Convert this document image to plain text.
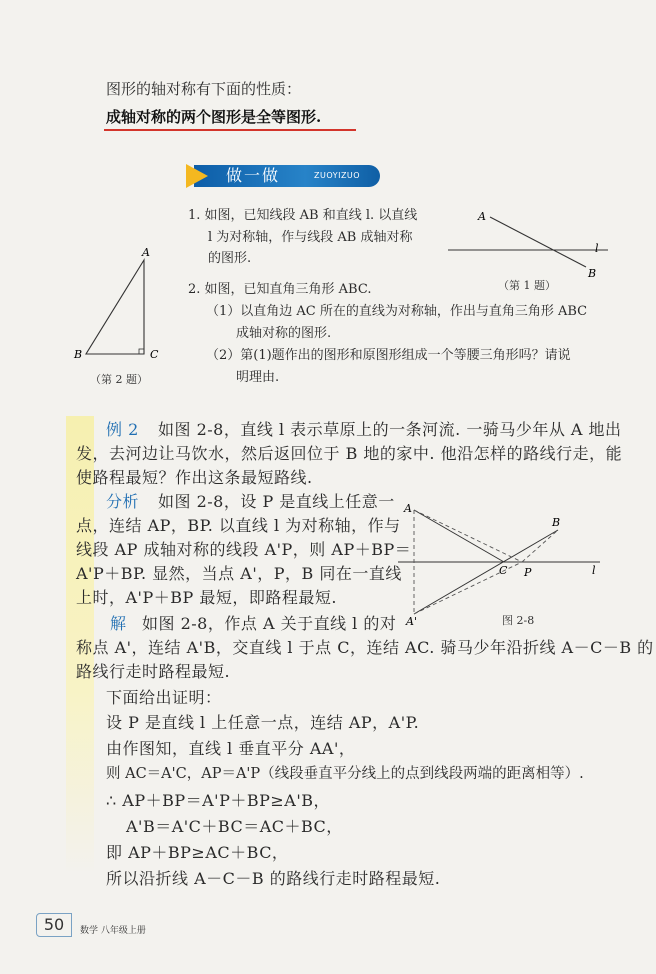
图形的轴对称有下面的性质：
成轴对称的两个图形是全等图形.
做一做	ZUOYIZUO
1. 如图，已知线段 AB 和直线 l. 以直线
l 为对称轴，作与线段 AB 成轴对称
的图形.
A
B
l
（第 1 题）
A
B	C
（第 2 题）
2. 如图，已知直角三角形 ABC.
（1）以直角边 AC 所在的直线为对称轴，作出与直角三角形 ABC
成轴对称的图形.
（2）第(1)题作出的图形和原图形组成一个等腰三角形吗？请说
明理由.
例 2 如图 2-8，直线 l 表示草原上的一条河流. 一骑马少年从 A 地出
发，去河边让马饮水，然后返回位于 B 地的家中. 他沿怎样的路线行走，能
使路程最短？作出这条最短路线.
分析 如图 2-8，设 P 是直线上任意一
点，连结 AP，BP. 以直线 l 为对称轴，作与
线段 AP 成轴对称的线段 A'P，则 AP＋BP＝
A'P＋BP. 显然，当点 A'，P，B 同在一直线
上时，A'P＋BP 最短，即路程最短.
A
B
C P	l
A'	图 2-8
解 如图 2-8，作点 A 关于直线 l 的对
称点 A'，连结 A'B，交直线 l 于点 C，连结 AC. 骑马少年沿折线 A－C－B 的
路线行走时路程最短.
下面给出证明：
设 P 是直线 l 上任意一点，连结 AP，A'P.
由作图知，直线 l 垂直平分 AA'，
则 AC＝A'C，AP＝A'P（线段垂直平分线上的点到线段两端的距离相等）.
∴ AP＋BP＝A'P＋BP≥A'B，
A'B＝A'C＋BC＝AC＋BC，
即 AP＋BP≥AC＋BC，
所以沿折线 A－C－B 的路线行走时路程最短.
50	数学 八年级上册
